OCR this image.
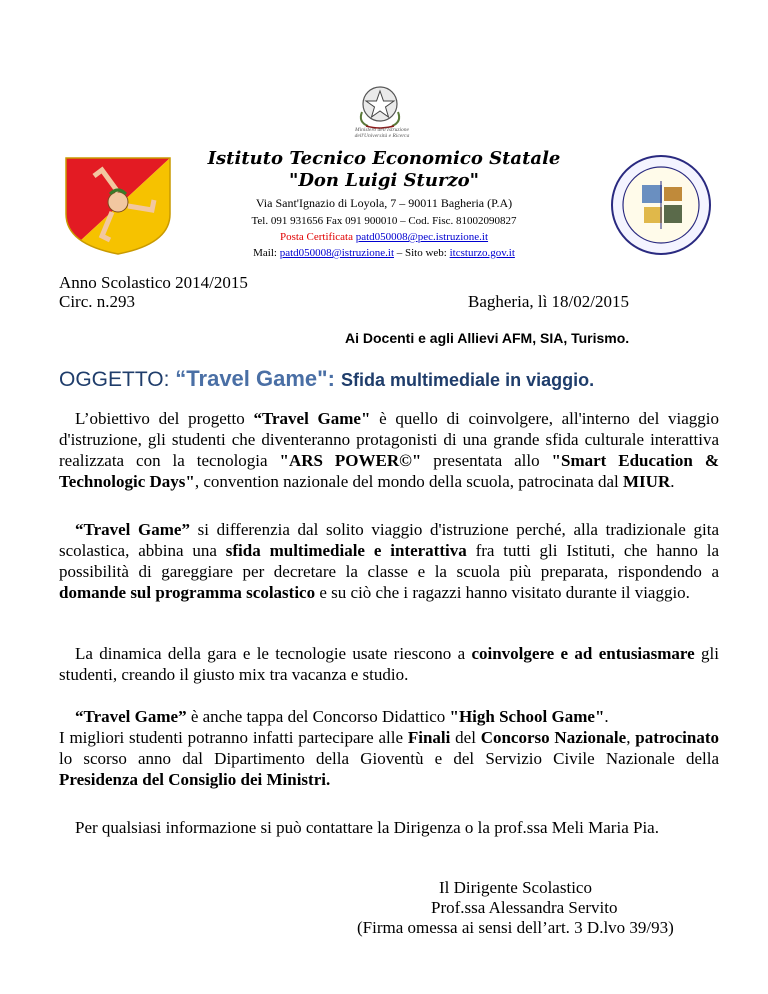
Ministero dell'Istruzione dell'Università e Ricerca
Istituto Tecnico Economico Statale
"Don Luigi Sturzo"
Via Sant'Ignazio di Loyola, 7 – 90011 Bagheria (P.A)
Tel. 091 931656 Fax 091 900010 – Cod. Fisc. 81002090827
Posta Certificata patd050008@pec.istruzione.it
Mail: patd050008@istruzione.it – Sito web: itcsturzo.gov.it
Anno Scolastico 2014/2015
Circ. n.293	Bagheria, lì 18/02/2015
Ai Docenti e agli Allievi AFM, SIA, Turismo.
OGGETTO: “Travel Game": Sfida multimediale in viaggio.
L’obiettivo del progetto “Travel Game" è quello di coinvolgere, all'interno del viaggio d'istruzione, gli studenti che diventeranno protagonisti di una grande sfida culturale interattiva realizzata con la tecnologia "ARS POWER©" presentata allo "Smart Education & Technologic Days", convention nazionale del mondo della scuola, patrocinata dal MIUR.
“Travel Game” si differenzia dal solito viaggio d'istruzione perché, alla tradizionale gita scolastica, abbina una sfida multimediale e interattiva fra tutti gli Istituti, che hanno la possibilità di gareggiare per decretare la classe e la scuola più preparata, rispondendo a domande sul programma scolastico e su ciò che i ragazzi hanno visitato durante il viaggio.
La dinamica della gara e le tecnologie usate riescono a coinvolgere e ad entusiasmare gli studenti, creando il giusto mix tra vacanza e studio.
“Travel Game” è anche tappa del Concorso Didattico "High School Game".
I migliori studenti potranno infatti partecipare alle Finali del Concorso Nazionale, patrocinato lo scorso anno dal Dipartimento della Gioventù e del Servizio Civile Nazionale della Presidenza del Consiglio dei Ministri.
Per qualsiasi informazione si può contattare la Dirigenza o la prof.ssa Meli Maria Pia.
Il Dirigente Scolastico
Prof.ssa Alessandra Servito
(Firma omessa ai sensi dell’art. 3 D.lvo 39/93)
